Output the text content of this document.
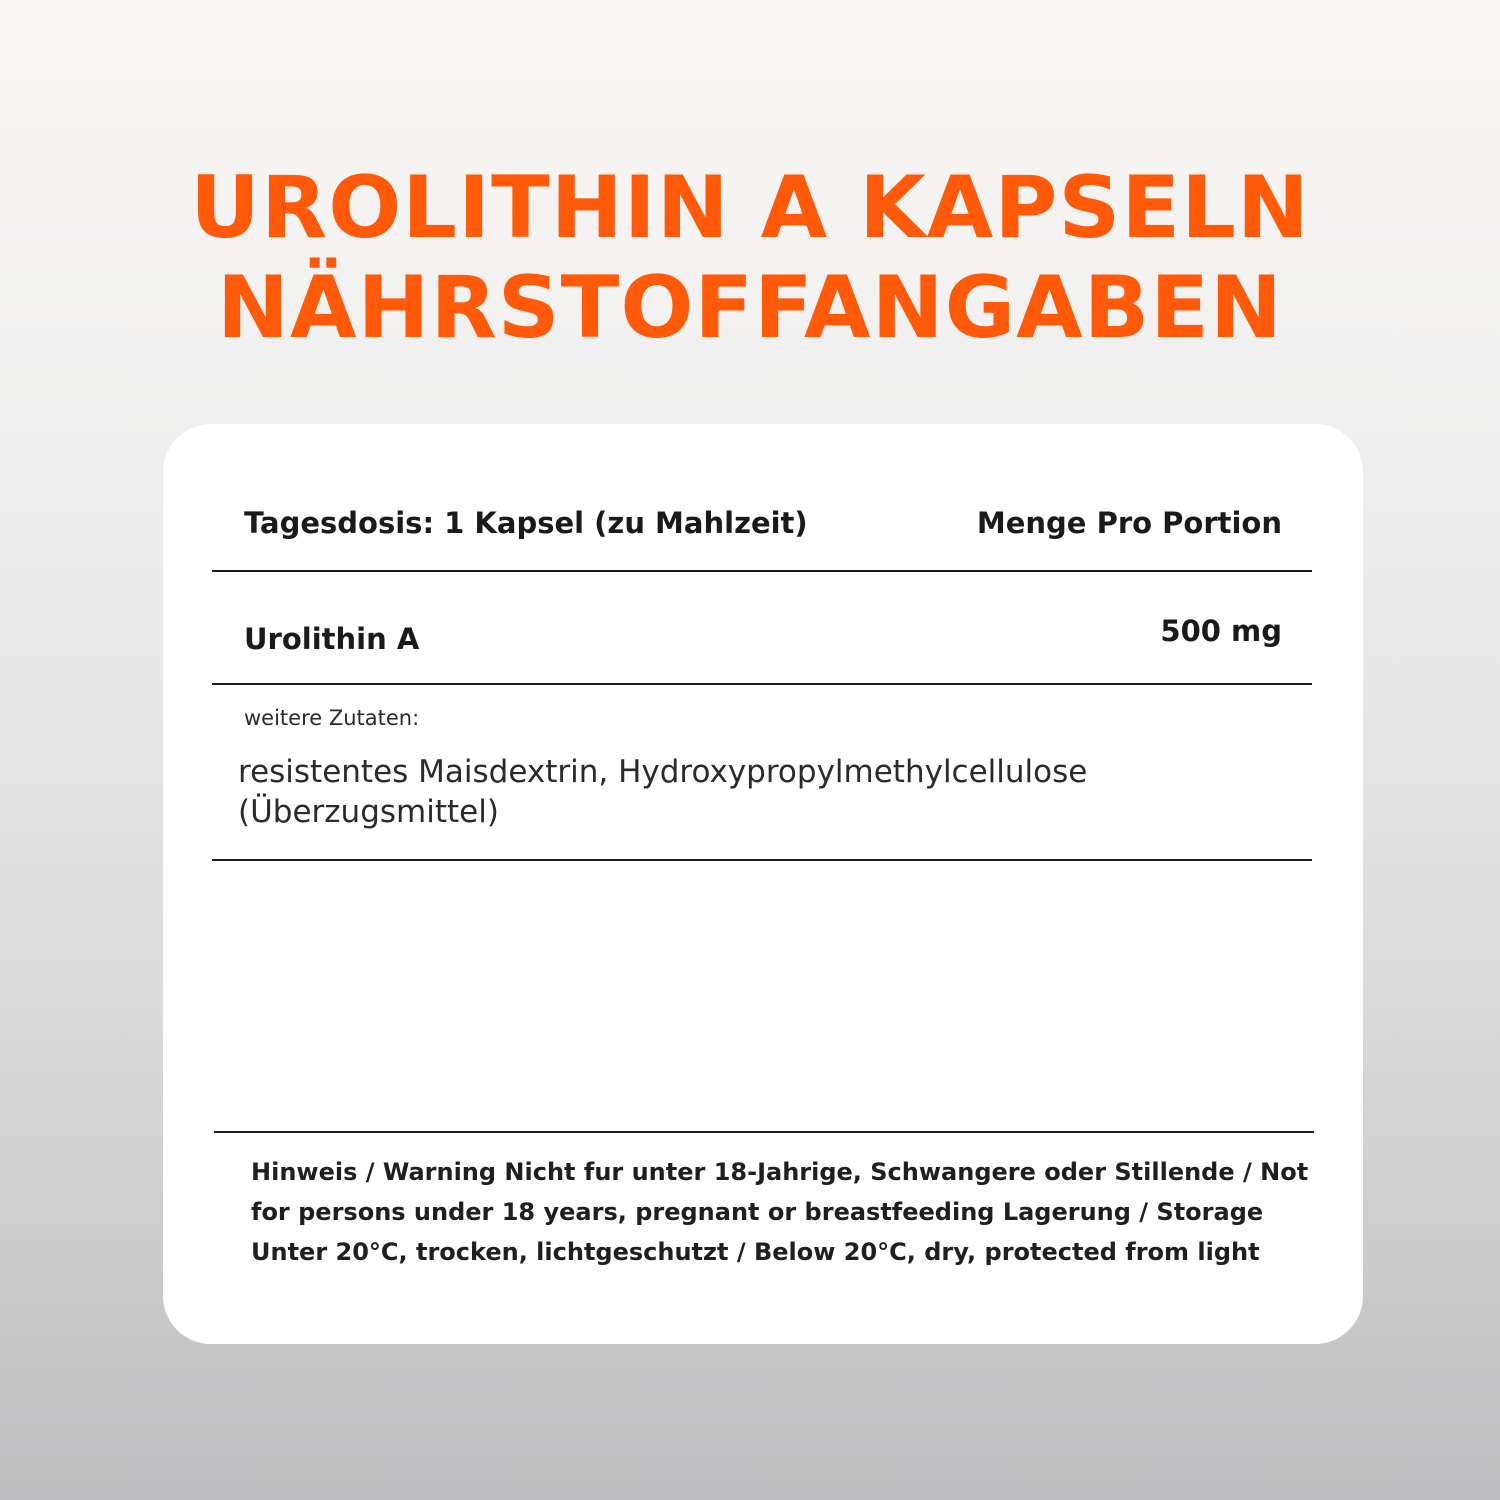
UROLITHIN A KAPSELN
NÄHRSTOFFANGABEN
Tagesdosis: 1 Kapsel (zu Mahlzeit)	Menge Pro Portion
Urolithin A	500 mg
weitere Zutaten:
resistentes Maisdextrin, Hydroxypropylmethylcellulose (Überzugsmittel)
Hinweis / Warning Nicht fur unter 18-Jahrige, Schwangere oder Stillende / Not for persons under 18 years, pregnant or breastfeeding Lagerung / Storage Unter 20°C, trocken, lichtgeschutzt / Below 20°C, dry, protected from light
